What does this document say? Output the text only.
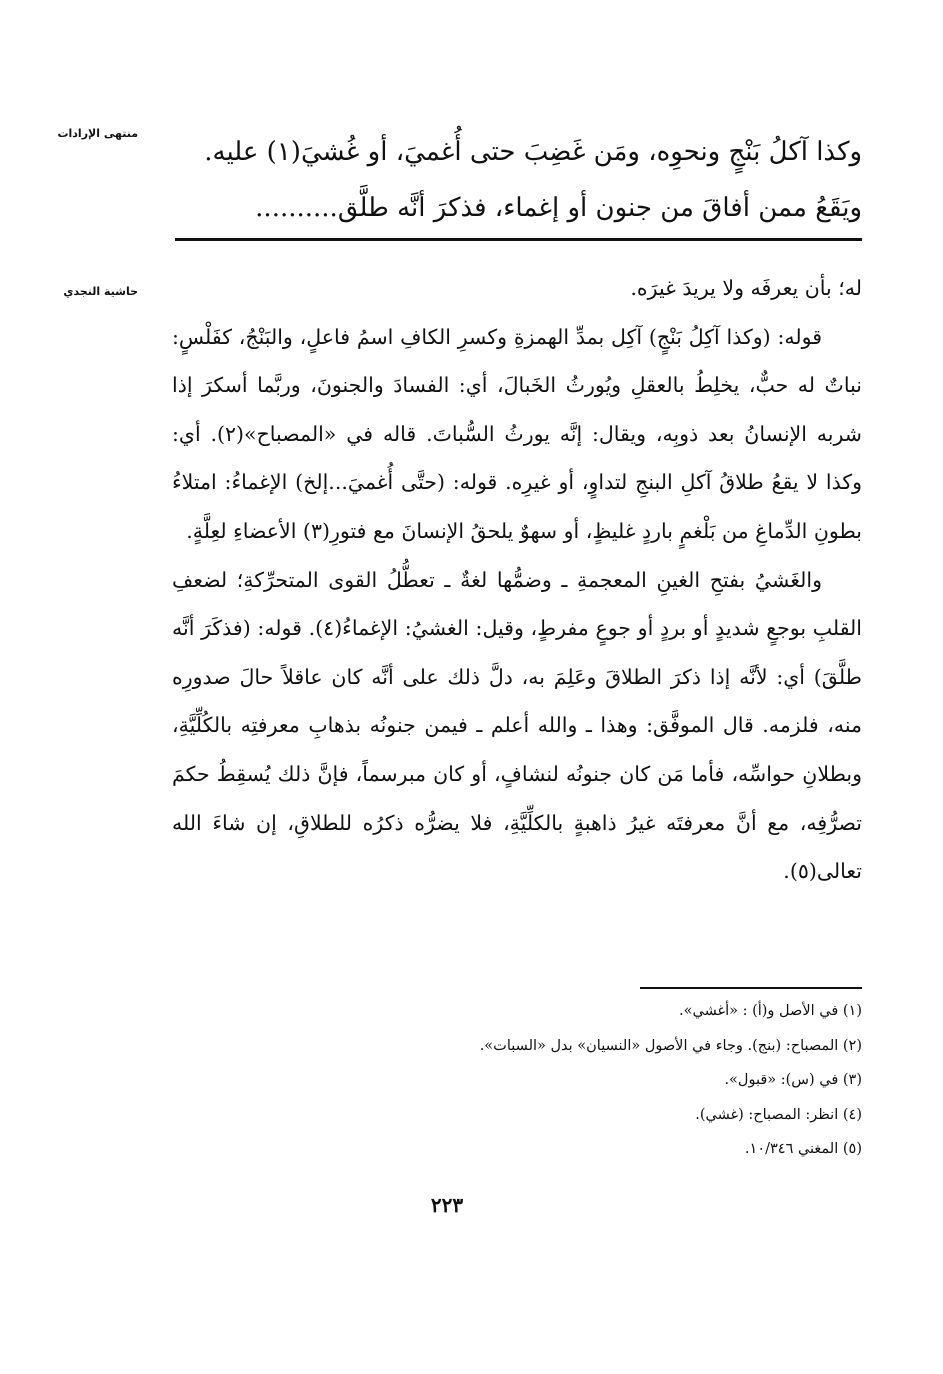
منتهى الإرادات
حاشية النجدي

وكذا آكلُ بَنْجٍ ونحوِه، ومَن غَضِبَ حتى أُغميَ، أو غُشيَ(١) عليه.

ويَقَعُ ممن أفاقَ من جنون أو إغماء، فذكرَ أنَّه طلَّق..........

له؛ بأن يعرفَه ولا يريدَ غيرَه.

قوله: (وكذا آكِلُ بَنْجٍ) آكِل بمدِّ الهمزةِ وكسرِ الكافِ اسمُ فاعلٍ، والبَنْجُ، كفَلْسٍ: نباتٌ له حبٌّ، يخلِطُ بالعقلِ ويُورثُ الخَبالَ، أي: الفسادَ والجنونَ، وربَّما أسكرَ إذا شربه الإنسانُ بعد ذوبِه، ويقال: إنَّه يورثُ السُّباتَ. قاله في «المصباح»(٢). أي: وكذا لا يقعُ طلاقُ آكلِ البنجِ لتداوٍ، أو غيرِه. قوله: (حتَّى أُغميَ...إلخ) الإغماءُ: امتلاءُ بطونِ الدِّماغِ من بَلْغمٍ باردٍ غليظٍ، أو سهوٌ يلحقُ الإنسانَ مع فتورِ(٣) الأعضاءِ لعِلَّةٍ.

والغَشيُ بفتحِ الغينِ المعجمةِ ـ وضمُّها لغةٌ ـ تعطُّلُ القوى المتحرِّكةِ؛ لضعفِ القلبِ بوجعٍ شديدٍ أو بردٍ أو جوعٍ مفرطٍ، وقيل: الغشيُ: الإغماءُ(٤). قوله: (فذكَرَ أنَّه طلَّقَ) أي: لأنَّه إذا ذكرَ الطلاقَ وعَلِمَ به، دلَّ ذلك على أنَّه كان عاقلاً حالَ صدورِه منه، فلزمه. قال الموفَّق: وهذا ـ والله أعلم ـ فيمن جنونُه بذهابِ معرفتِه بالكُلِّيَّةِ، وبطلانِ حواسِّه، فأما مَن كان جنونُه لنشافٍ، أو كان مبرسماً، فإنَّ ذلك يُسقِطُ حكمَ تصرُّفِه، مع أنَّ معرفتَه غيرُ ذاهبةٍ بالكلِّيَّةِ، فلا يضرُّه ذكرُه للطلاقِ، إن شاءَ الله تعالى(٥).

(١) في الأصل و(أ) : «أغشي».
(٢) المصباح: (بنج). وجاء في الأصول «النسيان» بدل «السبات».
(٣) في (س): «قبول».
(٤) انظر: المصباح: (غشي).
(٥) المغني ١٠/٣٤٦.
٢٢٣
